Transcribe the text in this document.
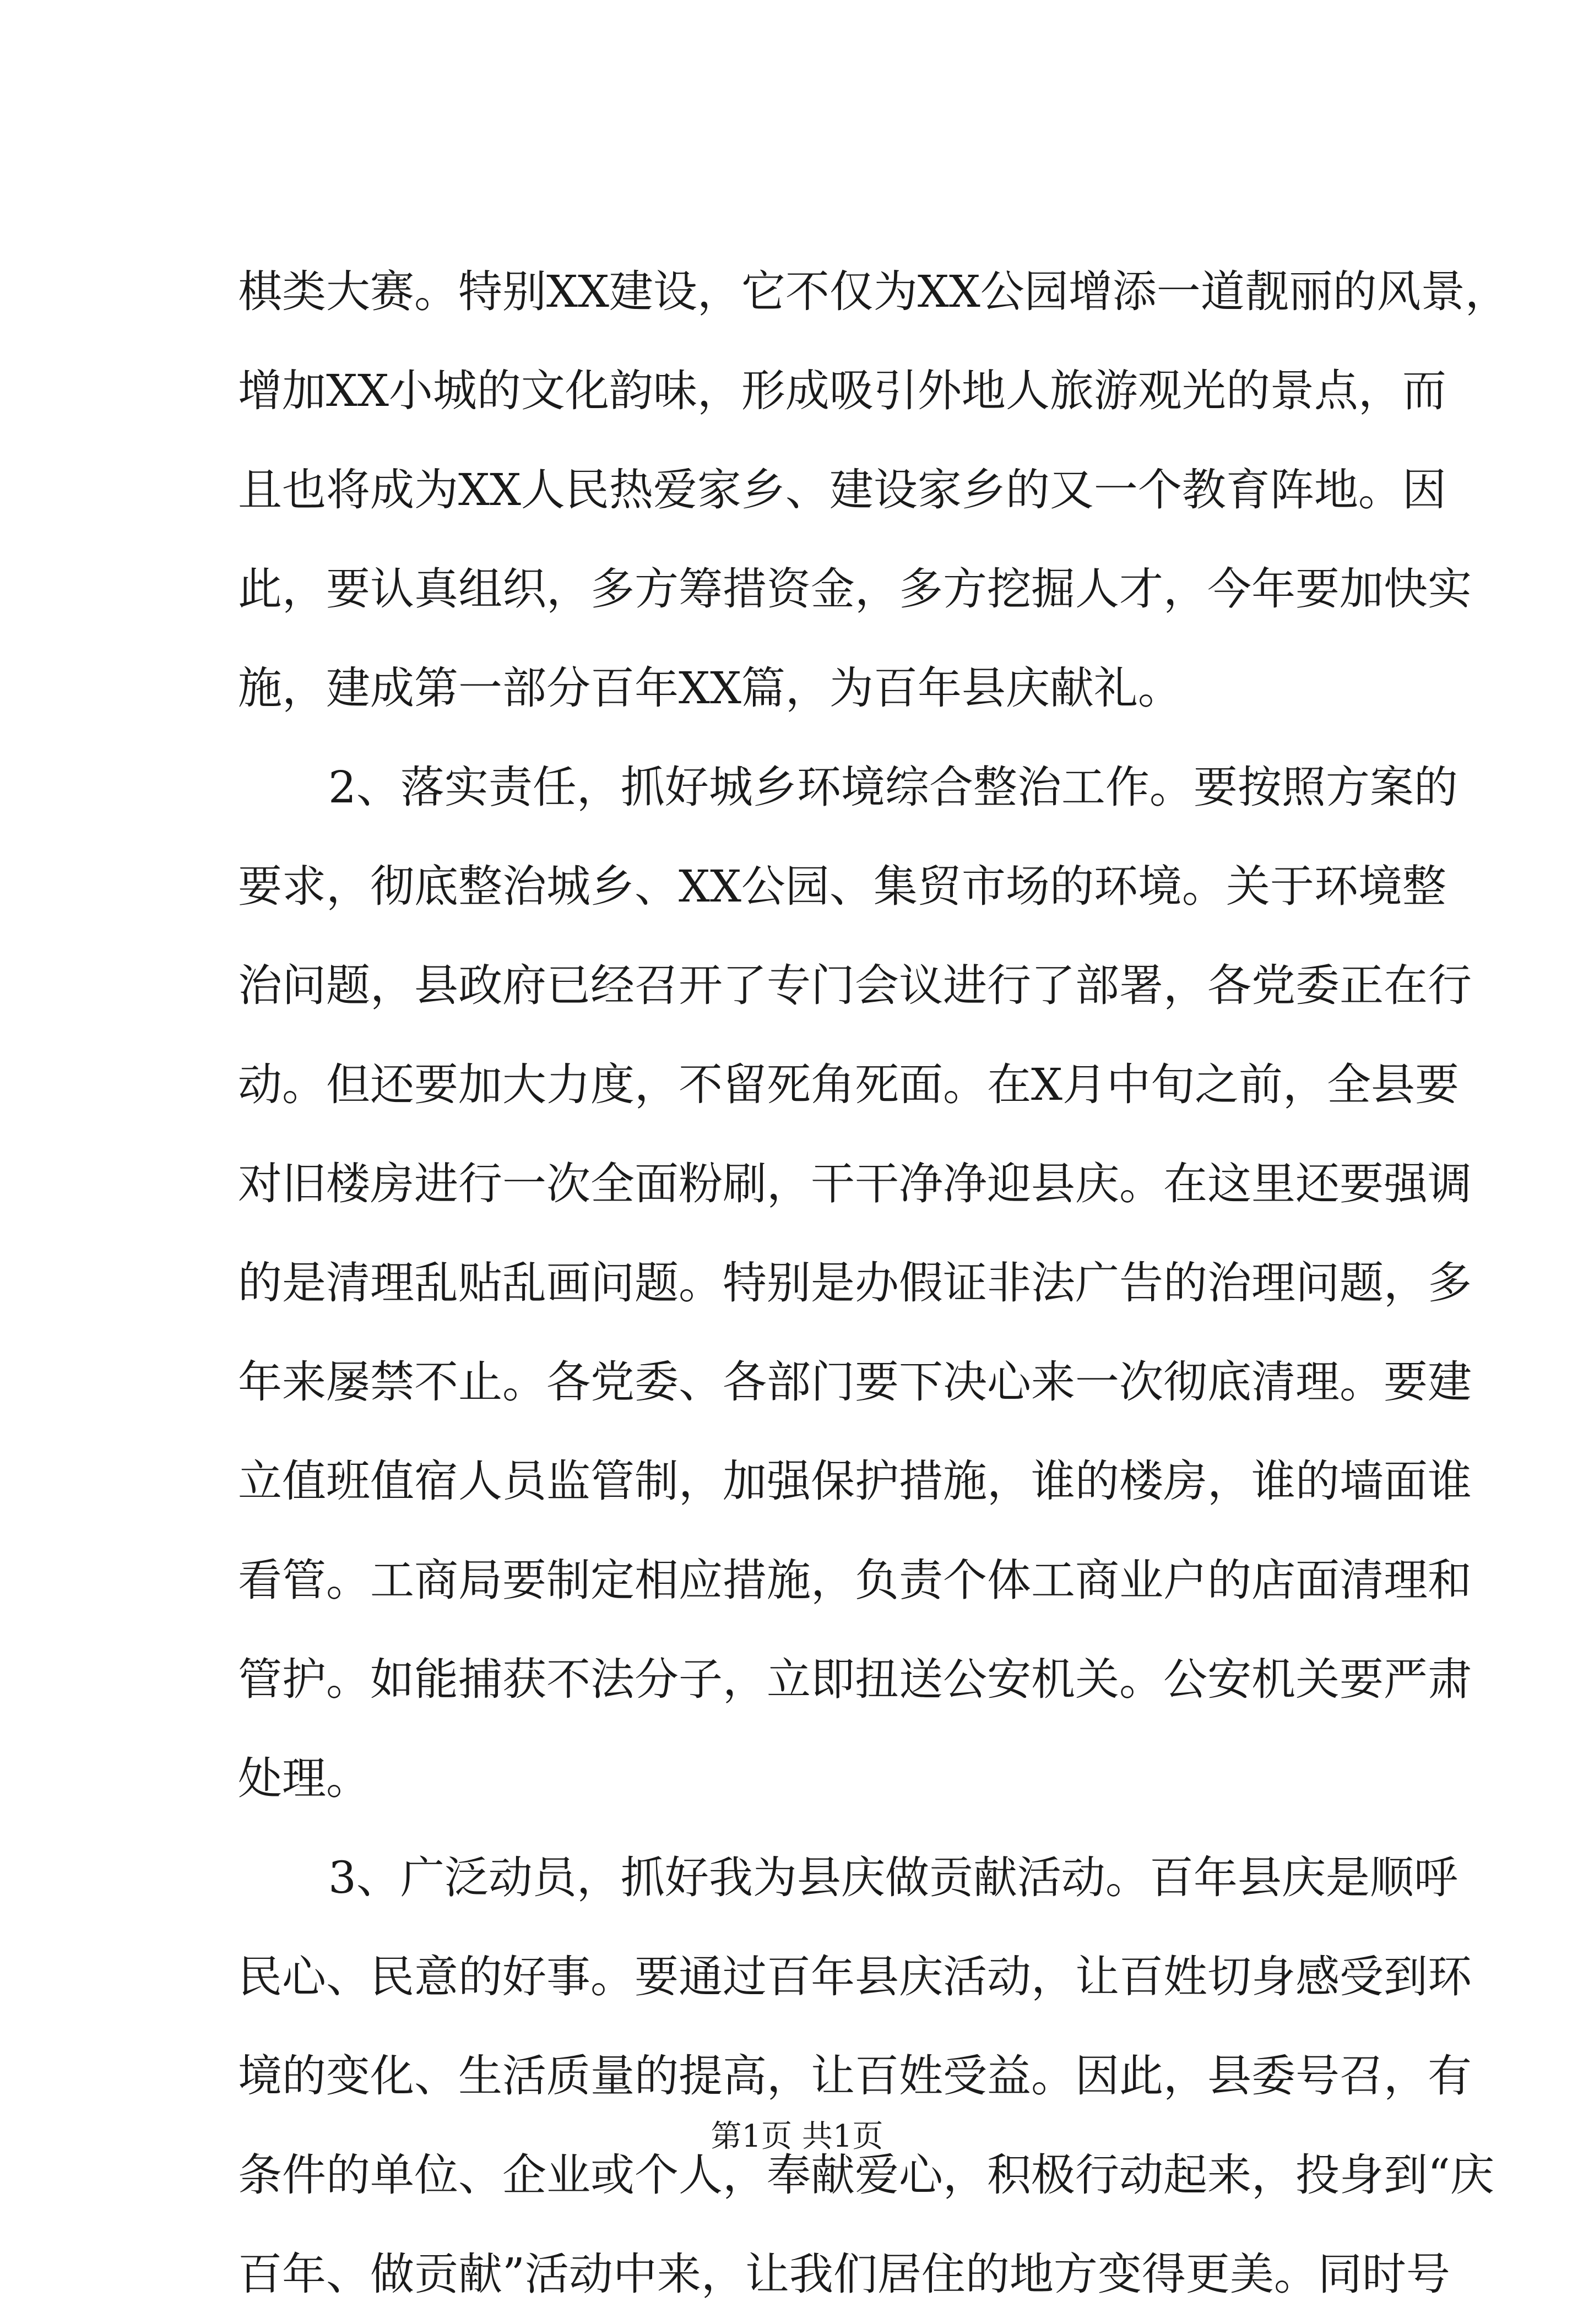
棋类大赛。特别XX建设，它不仅为XX公园增添一道靓丽的风景，
增加XX小城的文化韵味，形成吸引外地人旅游观光的景点，而
且也将成为XX人民热爱家乡、建设家乡的又一个教育阵地。因
此，要认真组织，多方筹措资金，多方挖掘人才，今年要加快实
施，建成第一部分百年XX篇，为百年县庆献礼。
2、落实责任，抓好城乡环境综合整治工作。要按照方案的
要求，彻底整治城乡、XX公园、集贸市场的环境。关于环境整
治问题，县政府已经召开了专门会议进行了部署，各党委正在行
动。但还要加大力度，不留死角死面。在X月中旬之前，全县要
对旧楼房进行一次全面粉刷，干干净净迎县庆。在这里还要强调
的是清理乱贴乱画问题。特别是办假证非法广告的治理问题，多
年来屡禁不止。各党委、各部门要下决心来一次彻底清理。要建
立值班值宿人员监管制，加强保护措施，谁的楼房，谁的墙面谁
看管。工商局要制定相应措施，负责个体工商业户的店面清理和
管护。如能捕获不法分子，立即扭送公安机关。公安机关要严肃
处理。
3、广泛动员，抓好我为县庆做贡献活动。百年县庆是顺呼
民心、民意的好事。要通过百年县庆活动，让百姓切身感受到环
境的变化、生活质量的提高，让百姓受益。因此，县委号召，有
条件的单位、企业或个人，奉献爱心，积极行动起来，投身到“庆
百年、做贡献”活动中来，让我们居住的地方变得更美。同时号
第1页 共1页
